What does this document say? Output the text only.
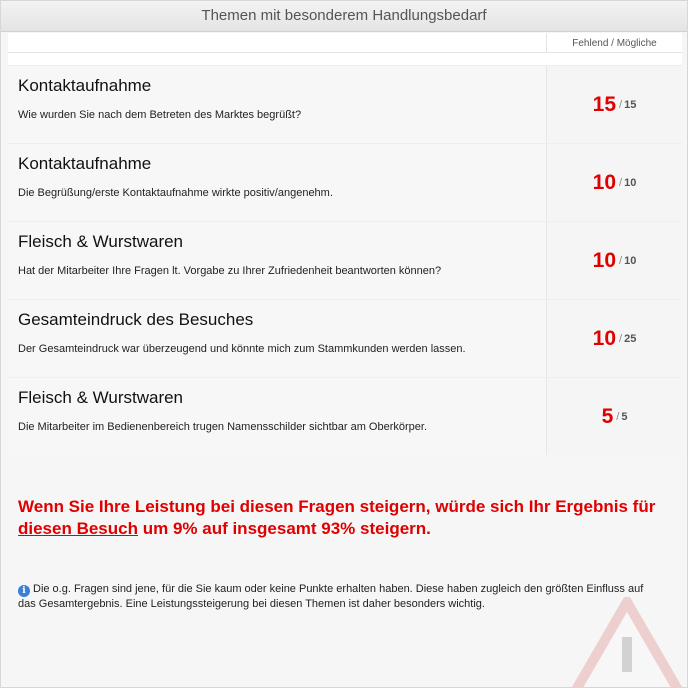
Themen mit besonderem Handlungsbedarf
Fehlend / Mögliche
Kontaktaufnahme
Wie wurden Sie nach dem Betreten des Marktes begrüßt?	15 / 15
Kontaktaufnahme
Die Begrüßung/erste Kontaktaufnahme wirkte positiv/angenehm.	10 / 10
Fleisch & Wurstwaren
Hat der Mitarbeiter Ihre Fragen lt. Vorgabe zu Ihrer Zufriedenheit beantworten können?	10 / 10
Gesamteindruck des Besuches
Der Gesamteindruck war überzeugend und könnte mich zum Stammkunden werden lassen.	10 / 25
Fleisch & Wurstwaren
Die Mitarbeiter im Bedienenbereich trugen Namensschilder sichtbar am Oberkörper.	5 / 5
Wenn Sie Ihre Leistung bei diesen Fragen steigern, würde sich Ihr Ergebnis für diesen Besuch um 9% auf insgesamt 93% steigern.
i Die o.g. Fragen sind jene, für die Sie kaum oder keine Punkte erhalten haben. Diese haben zugleich den größten Einfluss auf das Gesamtergebnis. Eine Leistungssteigerung bei diesen Themen ist daher besonders wichtig.
